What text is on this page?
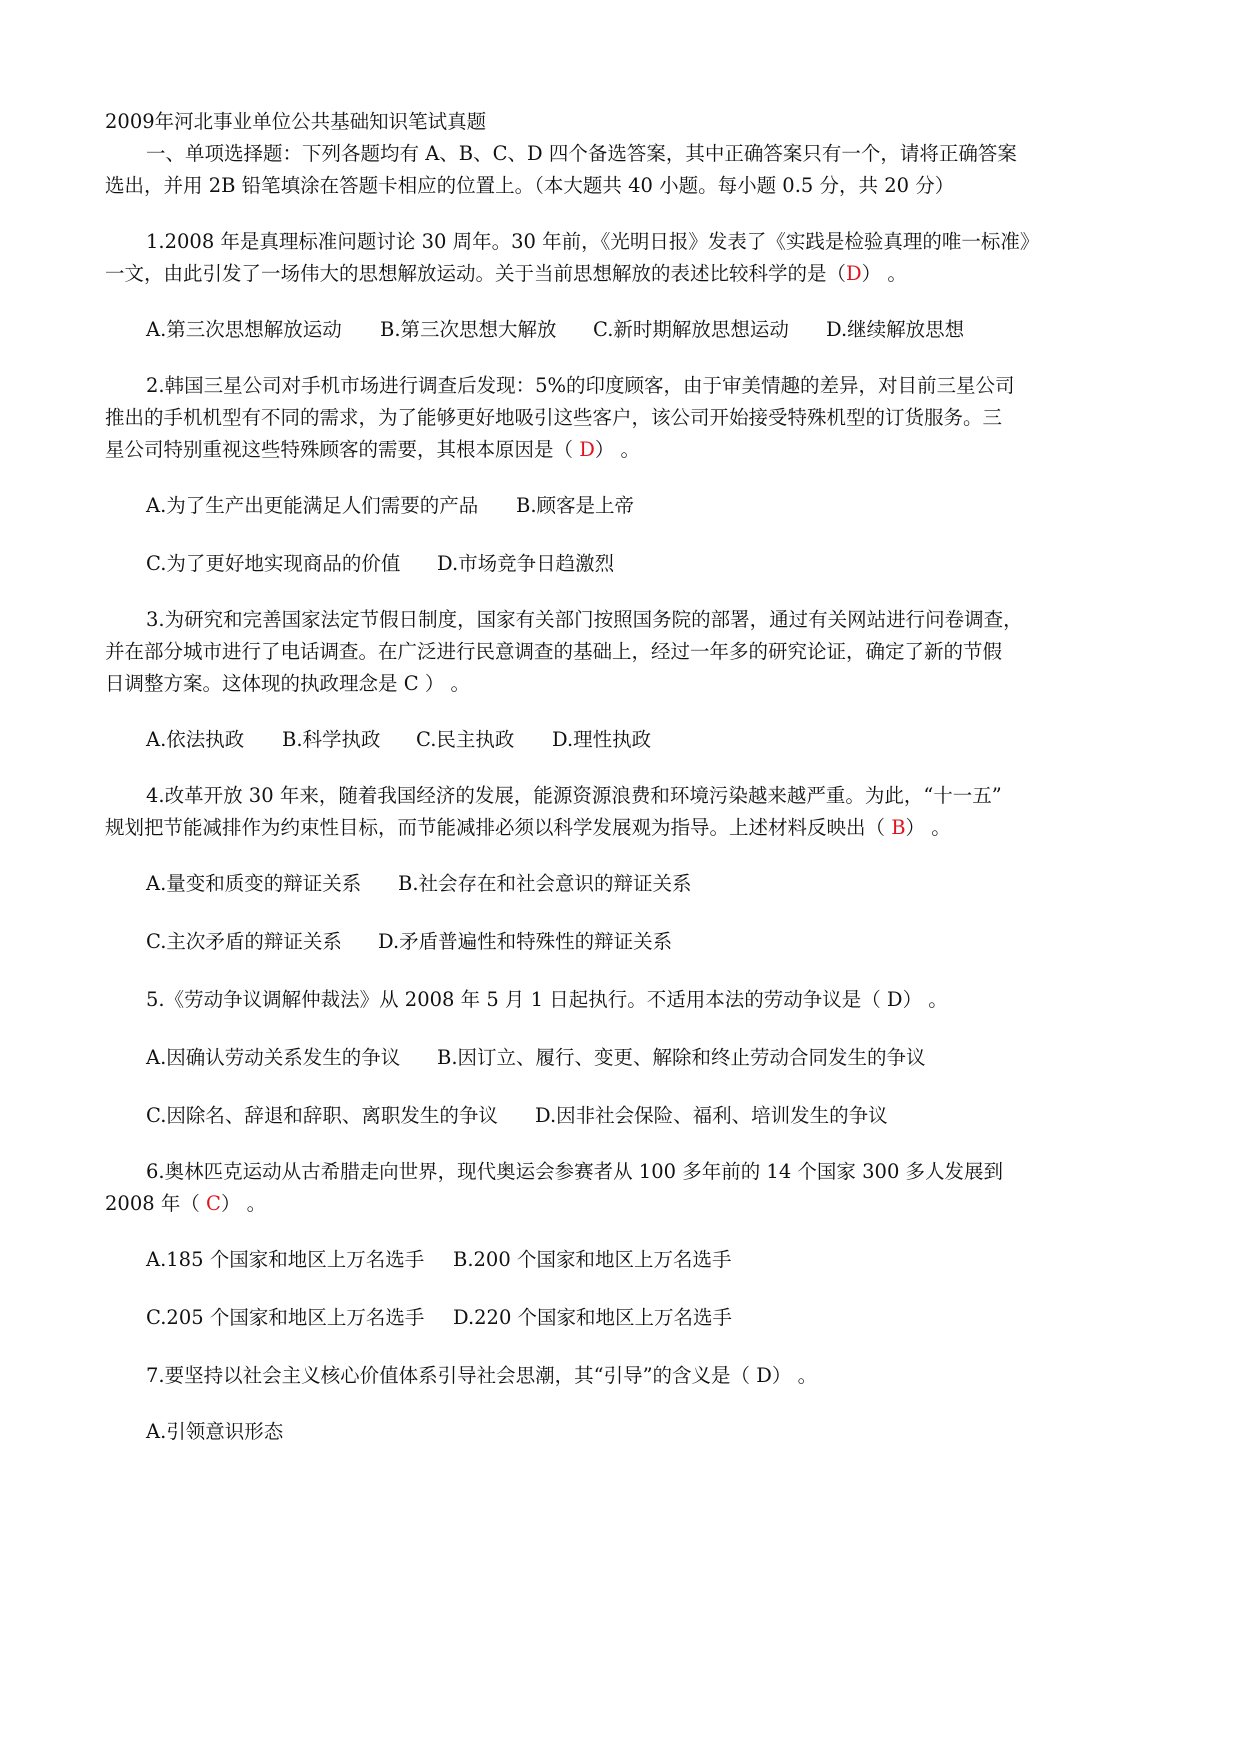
2009年河北事业单位公共基础知识笔试真题
一、单项选择题：下列各题均有 A、B、C、D 四个备选答案，其中正确答案只有一个，请将正确答案
选出，并用 2B 铅笔填涂在答题卡相应的位置上。（本大题共 40 小题。每小题 0.5 分，共 20 分）
1.2008 年是真理标准问题讨论 30 周年。30 年前，《光明日报》发表了《实践是检验真理的唯一标准》
一文，由此引发了一场伟大的思想解放运动。关于当前思想解放的表述比较科学的是（D） 。
A.第三次思想解放运动 B.第三次思想大解放 C.新时期解放思想运动 D.继续解放思想
2.韩国三星公司对手机市场进行调查后发现：5%的印度顾客，由于审美情趣的差异，对目前三星公司
推出的手机机型有不同的需求，为了能够更好地吸引这些客户，该公司开始接受特殊机型的订货服务。三
星公司特别重视这些特殊顾客的需要，其根本原因是（ D） 。
A.为了生产出更能满足人们需要的产品 B.顾客是上帝
C.为了更好地实现商品的价值 D.市场竞争日趋激烈
3.为研究和完善国家法定节假日制度，国家有关部门按照国务院的部署，通过有关网站进行问卷调查，
并在部分城市进行了电话调查。在广泛进行民意调查的基础上，经过一年多的研究论证，确定了新的节假
日调整方案。这体现的执政理念是 C ） 。
A.依法执政 B.科学执政 C.民主执政 D.理性执政
4.改革开放 30 年来，随着我国经济的发展，能源资源浪费和环境污染越来越严重。为此，“十一五”
规划把节能减排作为约束性目标，而节能减排必须以科学发展观为指导。上述材料反映出（ B） 。
A.量变和质变的辩证关系 B.社会存在和社会意识的辩证关系
C.主次矛盾的辩证关系 D.矛盾普遍性和特殊性的辩证关系
5.《劳动争议调解仲裁法》从 2008 年 5 月 1 日起执行。不适用本法的劳动争议是（ D） 。
A.因确认劳动关系发生的争议 B.因订立、履行、变更、解除和终止劳动合同发生的争议
C.因除名、辞退和辞职、离职发生的争议 D.因非社会保险、福利、培训发生的争议
6.奥林匹克运动从古希腊走向世界，现代奥运会参赛者从 100 多年前的 14 个国家 300 多人发展到
2008 年（ C） 。
A.185 个国家和地区上万名选手 B.200 个国家和地区上万名选手
C.205 个国家和地区上万名选手 D.220 个国家和地区上万名选手
7.要坚持以社会主义核心价值体系引导社会思潮，其“引导”的含义是（ D） 。
A.引领意识形态
